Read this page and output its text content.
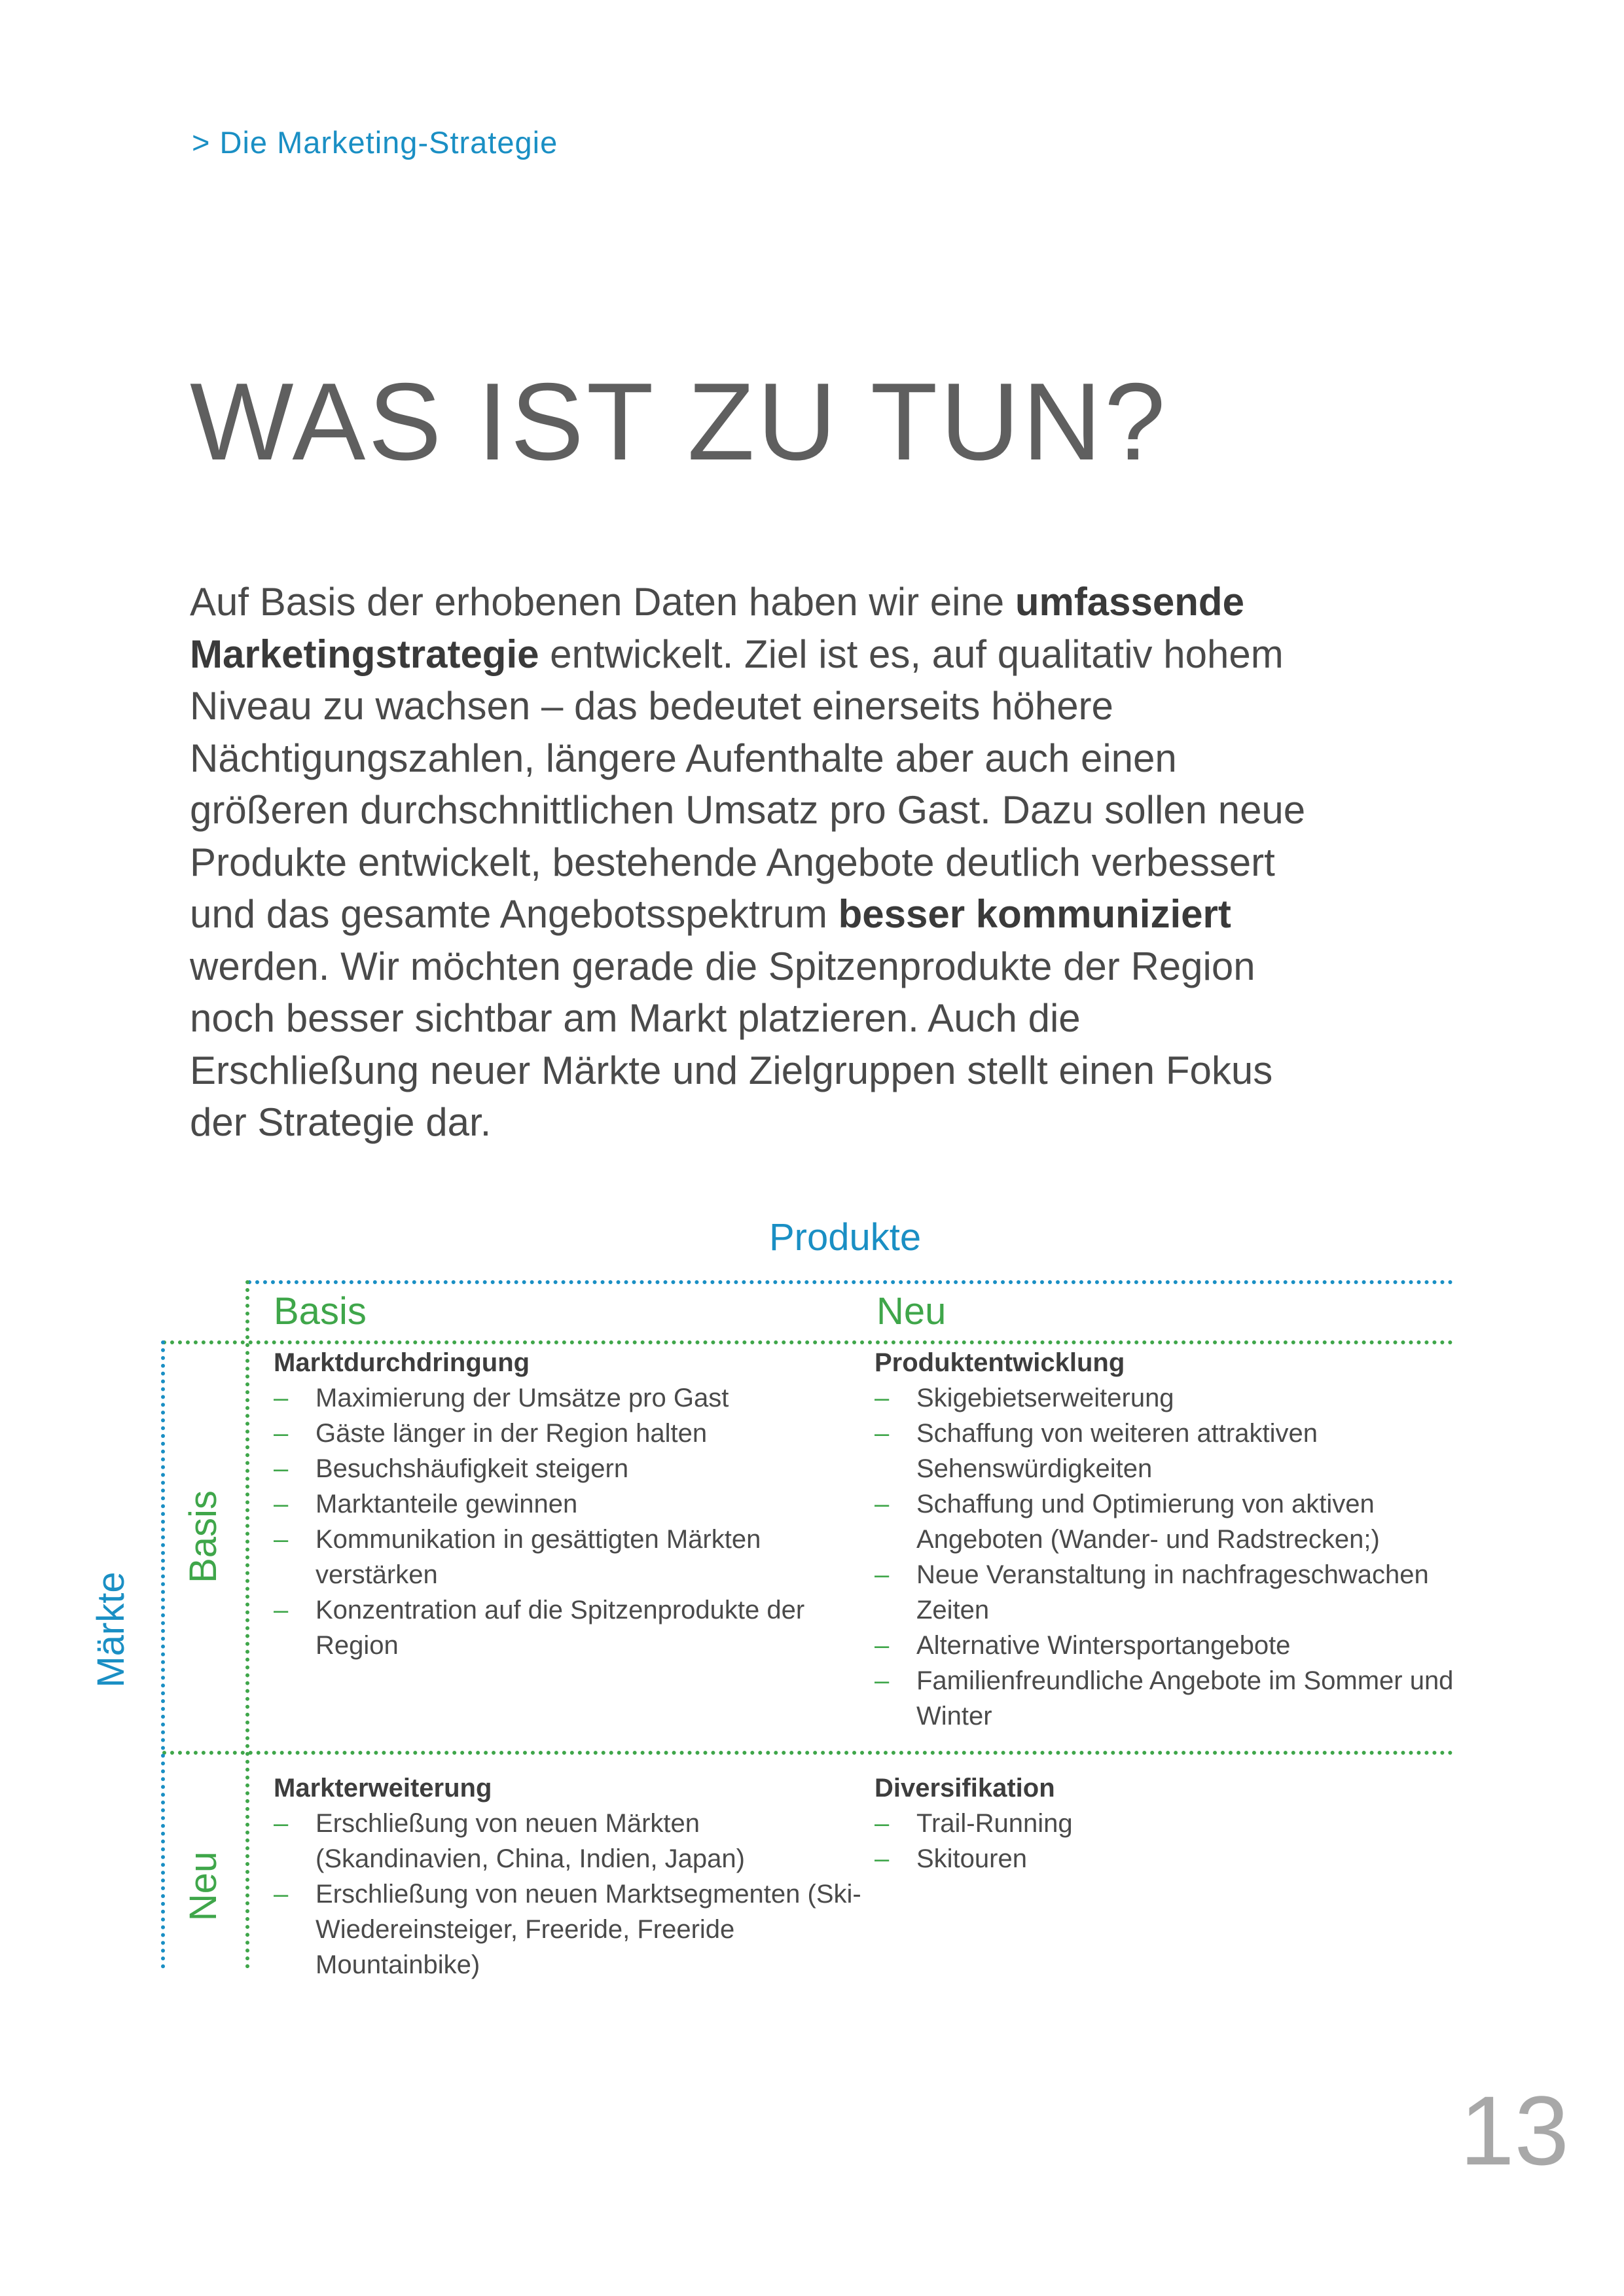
> Die Marketing-Strategie
WAS IST ZU TUN?

Auf Basis der erhobenen Daten haben wir eine umfassende Marketingstrategie entwickelt. Ziel ist es, auf qualitativ hohem Niveau zu wachsen – das bedeutet einerseits höhere Nächtigungszahlen, längere Aufenthalte aber auch einen größeren durchschnittlichen Umsatz pro Gast. Dazu sollen neue Produkte entwickelt, bestehende Angebote deutlich verbessert und das gesamte Angebotsspektrum besser kommuniziert werden. Wir möchten gerade die Spitzenprodukte der Region noch besser sichtbar am Markt platzieren. Auch die Erschließung neuer Märkte und Zielgruppen stellt einen Fokus der Strategie dar.

Produkte
Basis	Neu
Märkte
Basis
Neu

Marktdurchdringung

– Maximierung der Umsätze pro Gast
– Gäste länger in der Region halten
– Besuchshäufigkeit steigern
– Marktanteile gewinnen
– Kommunikation in gesättigten Märkten verstärken
– Konzentration auf die Spitzenprodukte der Region

Produktentwicklung

– Skigebietserweiterung
– Schaffung von weiteren attraktiven Sehenswürdigkeiten
– Schaffung und Optimierung von aktiven Angeboten (Wander- und Radstrecken;)
– Neue Veranstaltung in nachfrageschwachen Zeiten
– Alternative Wintersportangebote
– Familienfreundliche Angebote im Sommer und Winter

Markterweiterung

– Erschließung von neuen Märkten (Skandinavien, China, Indien, Japan)
– Erschließung von neuen Marktsegmenten (Ski-Wiedereinsteiger, Freeride, Freeride Mountainbike)

Diversifikation

– Trail-Running
– Skitouren
13
